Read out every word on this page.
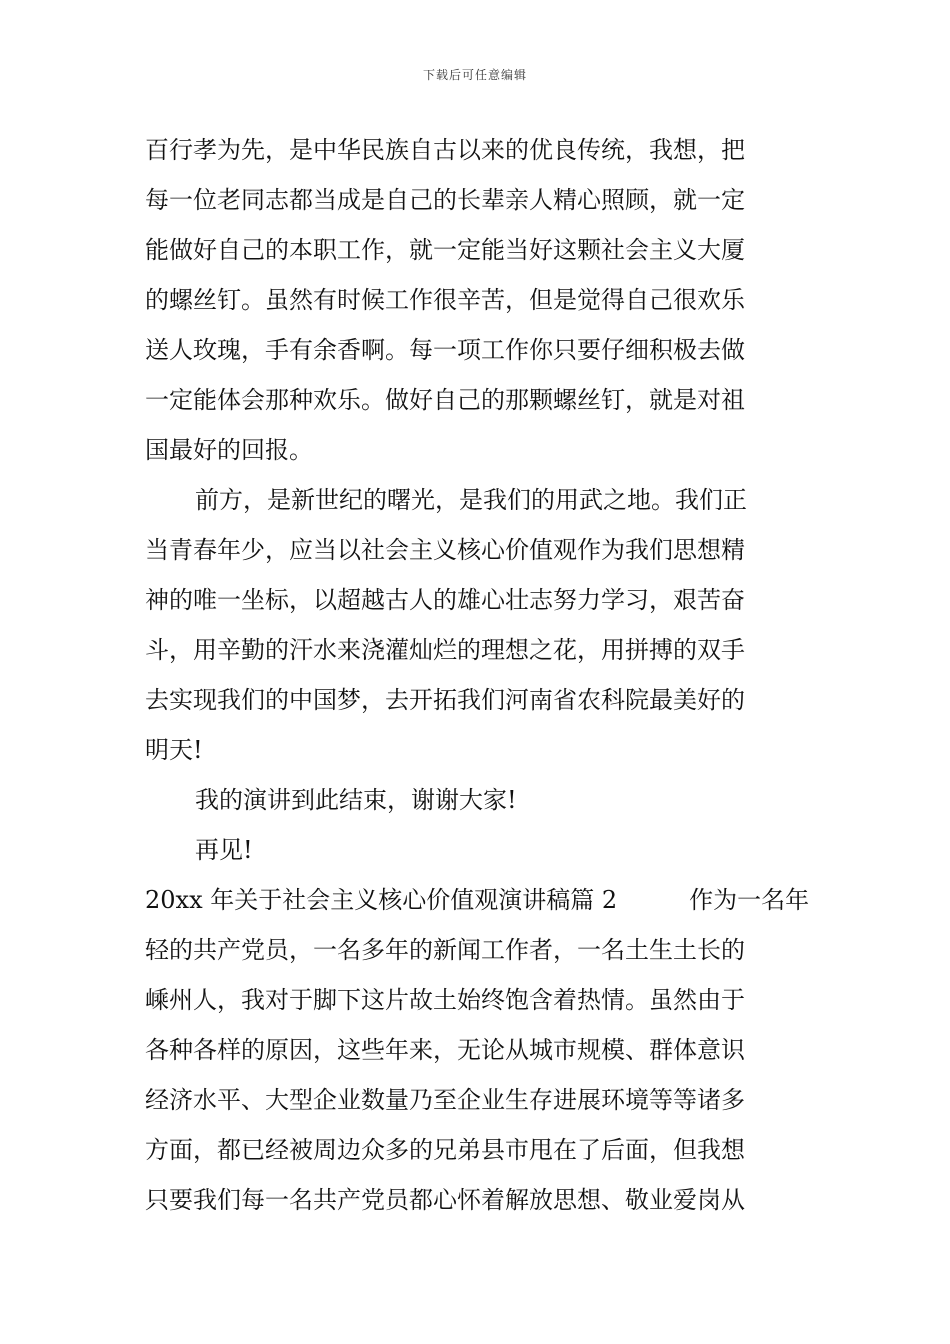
下载后可任意编辑
百行孝为先，是中华民族自古以来的优良传统，我想，把
每一位老同志都当成是自己的长辈亲人精心照顾，就一定
能做好自己的本职工作，就一定能当好这颗社会主义大厦
的螺丝钉。虽然有时候工作很辛苦，但是觉得自己很欢乐
送人玫瑰，手有余香啊。每一项工作你只要仔细积极去做
一定能体会那种欢乐。做好自己的那颗螺丝钉，就是对祖
国最好的回报。
前方，是新世纪的曙光，是我们的用武之地。我们正
当青春年少，应当以社会主义核心价值观作为我们思想精
神的唯一坐标，以超越古人的雄心壮志努力学习，艰苦奋
斗，用辛勤的汗水来浇灌灿烂的理想之花，用拼搏的双手
去实现我们的中国梦，去开拓我们河南省农科院最美好的
明天!
我的演讲到此结束，谢谢大家!
再见!
20xx 年关于社会主义核心价值观演讲稿篇 2　　　作为一名年
轻的共产党员，一名多年的新闻工作者，一名土生土长的
嵊州人，我对于脚下这片故土始终饱含着热情。虽然由于
各种各样的原因，这些年来，无论从城市规模、群体意识
经济水平、大型企业数量乃至企业生存进展环境等等诸多
方面，都已经被周边众多的兄弟县市甩在了后面，但我想
只要我们每一名共产党员都心怀着解放思想、敬业爱岗从
